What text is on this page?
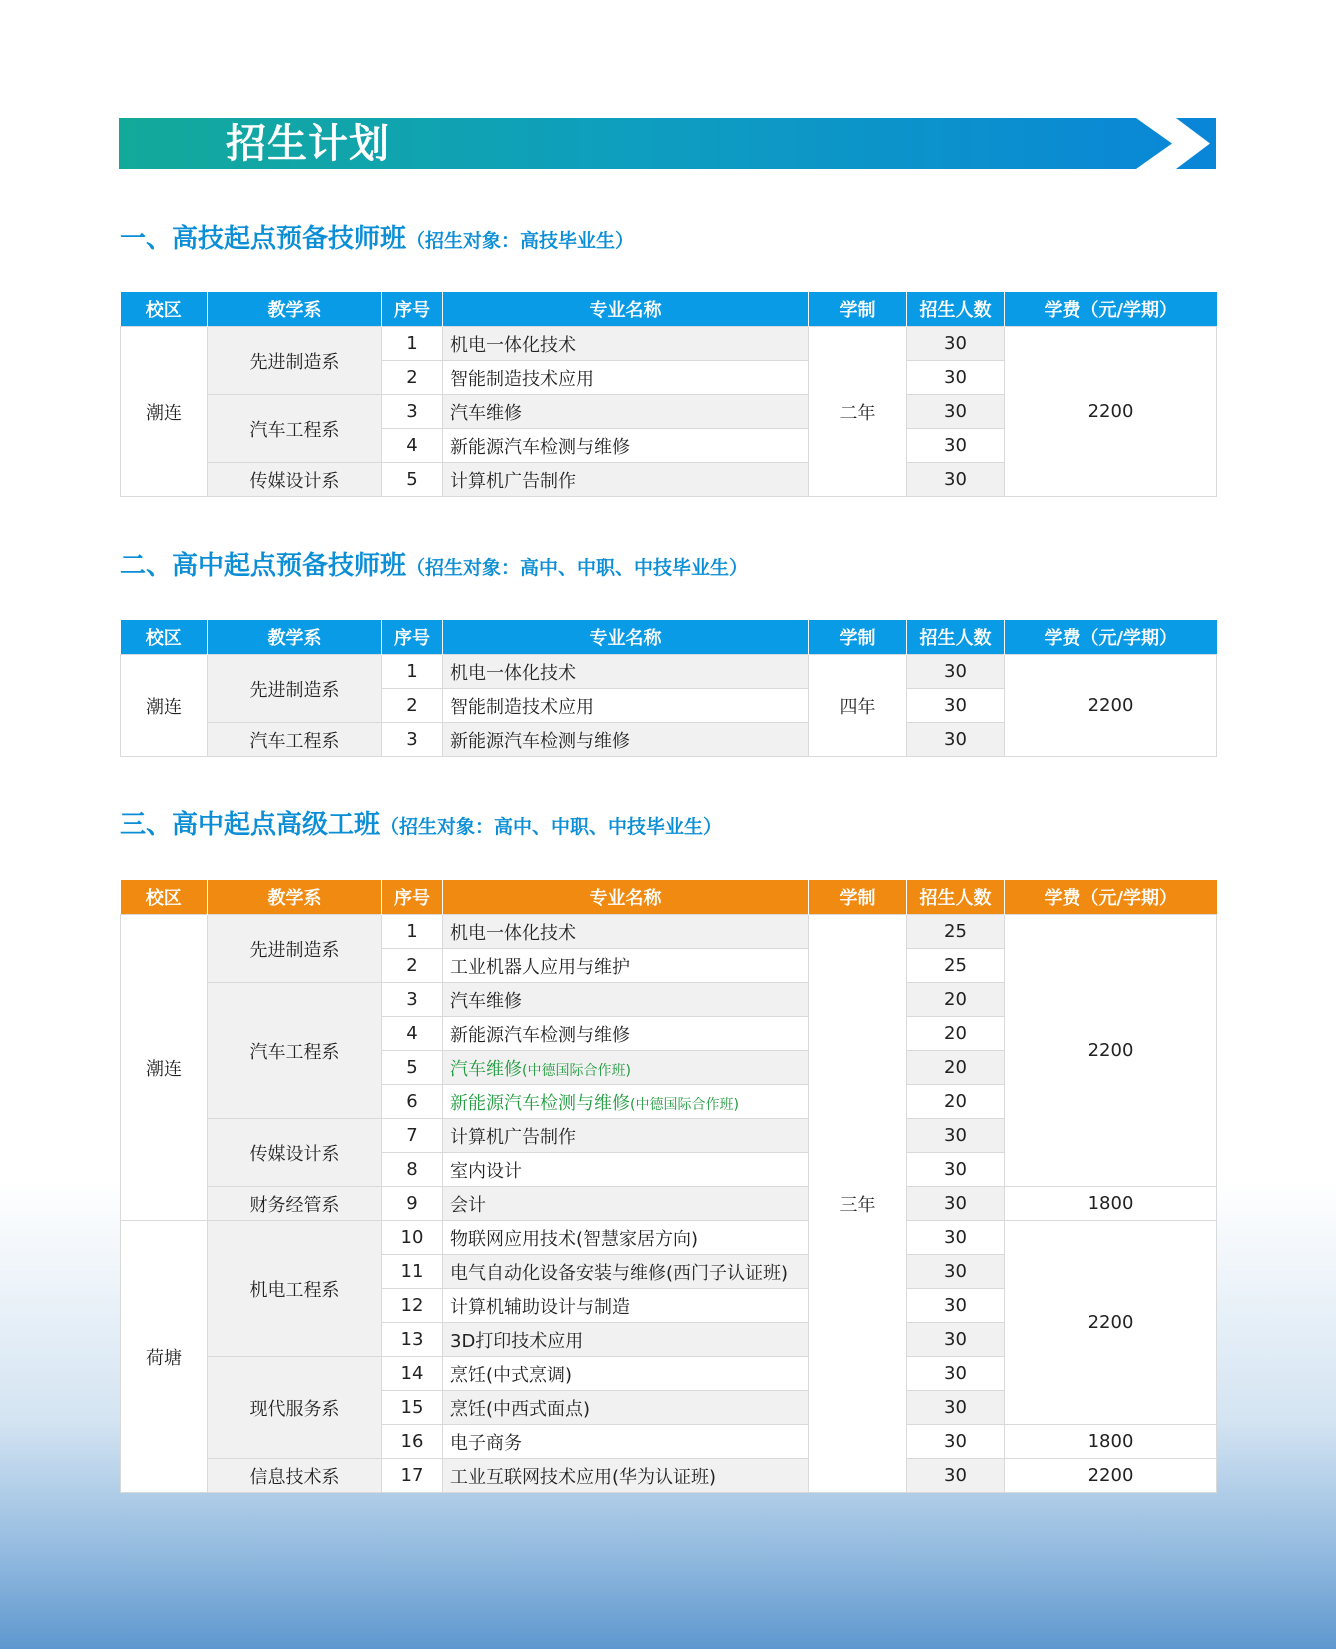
招生计划
一、高技起点预备技师班（招生对象：高技毕业生）
校区	教学系	序号	专业名称	学制	招生人数	学费（元/学期）
潮连	先进制造系	1	机电一体化技术	二年	30	2200
		2	智能制造技术应用		30	
	汽车工程系	3	汽车维修		30	
		4	新能源汽车检测与维修		30	
	传媒设计系	5	计算机广告制作		30	
二、高中起点预备技师班（招生对象：高中、中职、中技毕业生）
校区	教学系	序号	专业名称	学制	招生人数	学费（元/学期）
潮连	先进制造系	1	机电一体化技术	四年	30	2200
		2	智能制造技术应用		30	
	汽车工程系	3	新能源汽车检测与维修		30	
三、高中起点高级工班（招生对象：高中、中职、中技毕业生）
校区	教学系	序号	专业名称	学制	招生人数	学费（元/学期）
潮连	先进制造系	1	机电一体化技术	三年	25	2200
		2	工业机器人应用与维护		25	
	汽车工程系	3	汽车维修		20	
		4	新能源汽车检测与维修		20	
		5	汽车维修(中德国际合作班)		20	
		6	新能源汽车检测与维修(中德国际合作班)		20	
	传媒设计系	7	计算机广告制作		30	
		8	室内设计		30	
	财务经管系	9	会计		30	1800
荷塘	机电工程系	10	物联网应用技术(智慧家居方向)		30	2200
		11	电气自动化设备安装与维修(西门子认证班)		30	
		12	计算机辅助设计与制造		30	
		13	3D打印技术应用		30	
	现代服务系	14	烹饪(中式烹调)		30	
		15	烹饪(中西式面点)		30	
		16	电子商务		30	1800
	信息技术系	17	工业互联网技术应用(华为认证班)		30	2200
